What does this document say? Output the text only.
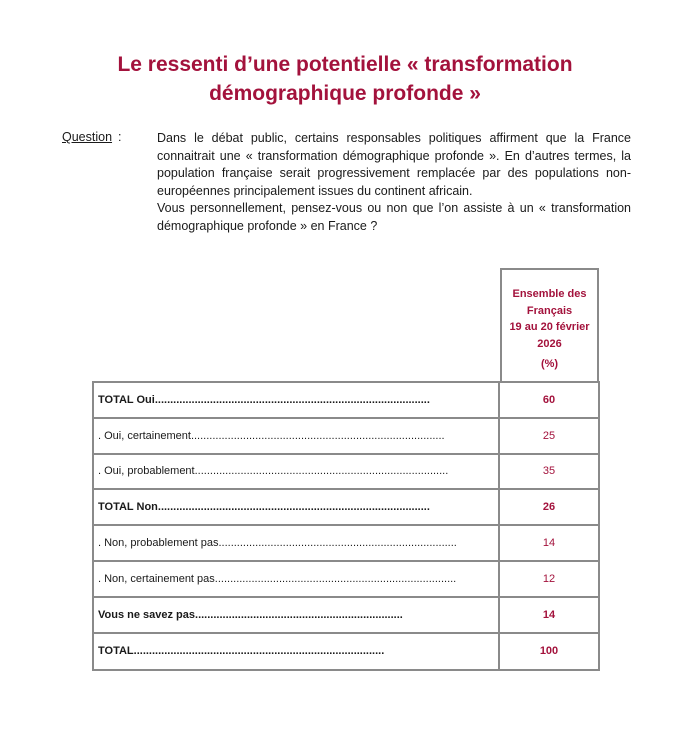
Le ressenti d’une potentielle « transformation
démographique profonde »
Question :	Dans le débat public, certains responsables politiques affirment que la France connaitrait une « transformation démographique profonde ». En d’autres termes, la population française serait progressivement remplacée par des populations non-européennes principalement issues du continent africain.

Vous personnellement, pensez-vous ou non que l’on assiste à un « transformation démographique profonde » en France ?

Ensemble des
Français
19 au 20 février
2026
(%)
TOTAL Oui ..........................................................................................	60
. Oui, certainement ...................................................................................	25
. Oui, probablement ...................................................................................	35
TOTAL Non .........................................................................................	26
. Non, probablement pas ..............................................................................	14
. Non, certainement pas ...............................................................................	12
Vous ne savez pas ....................................................................	14
TOTAL ..................................................................................	100
